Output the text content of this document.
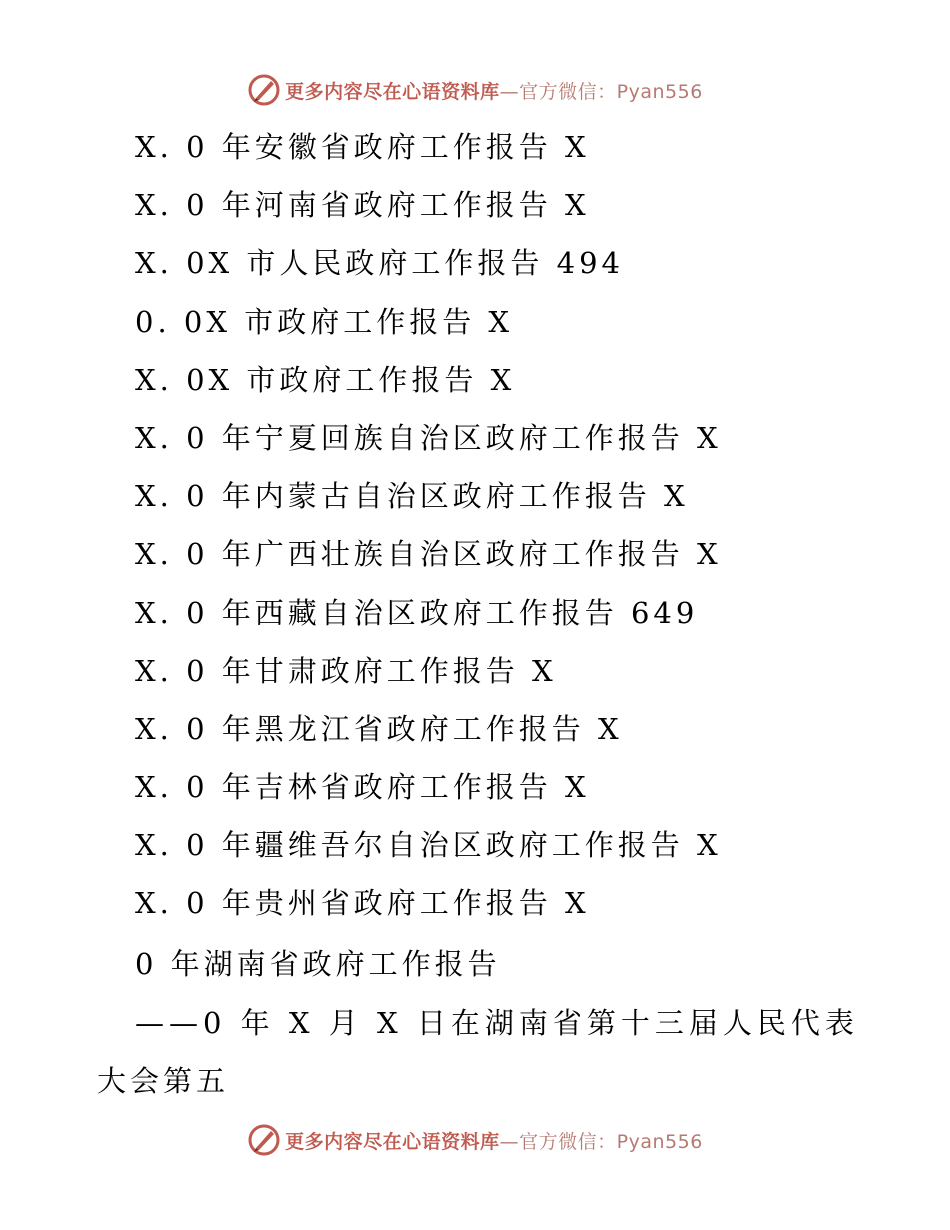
更多内容尽在心语资料库—官方微信：Pyan556
X. 0 年安徽省政府工作报告 X
X. 0 年河南省政府工作报告 X
X. 0X 市人民政府工作报告 494
0. 0X 市政府工作报告 X
X. 0X 市政府工作报告 X
X. 0 年宁夏回族自治区政府工作报告 X
X. 0 年内蒙古自治区政府工作报告 X
X. 0 年广西壮族自治区政府工作报告 X
X. 0 年西藏自治区政府工作报告 649
X. 0 年甘肃政府工作报告 X
X. 0 年黑龙江省政府工作报告 X
X. 0 年吉林省政府工作报告 X
X. 0 年疆维吾尔自治区政府工作报告 X
X. 0 年贵州省政府工作报告 X
0 年湖南省政府工作报告
——0 年 X 月 X 日在湖南省第十三届人民代表
大会第五
更多内容尽在心语资料库—官方微信：Pyan556
